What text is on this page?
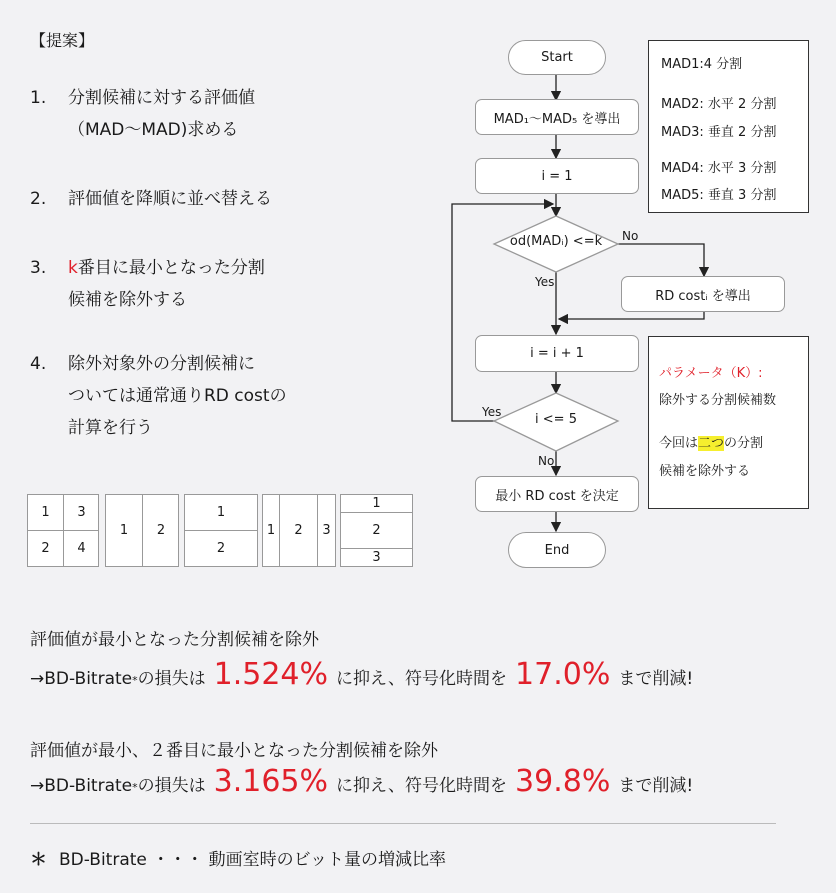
【提案】
1. 分割候補に対する評価値
（MAD〜MAD)求める
2. 評価値を降順に並べ替える
3. k番目に最小となった分割
候補を除外する
4. 除外対象外の分割候補に
ついては通常通りRD costの
計算を行う
1	3
2	4
1	2
1
2
1	2	3
1
2
3
Start
MAD₁〜MAD₅ を導出
i = 1
od(MADᵢ) <=k	No
Yes
RD costᵢ を導出
i = i + 1
i <= 5
Yes
No
最小 RD cost を決定
End
MAD1:4 分割
MAD2: 水平 2 分割
MAD3: 垂直 2 分割
MAD4: 水平 3 分割
MAD5: 垂直 3 分割
パラメータ（K）:
除外する分割候補数
今回は二つの分割
候補を除外する
評価値が最小となった分割候補を除外
→BD-Bitrate * の損失は 1.524% に抑え、符号化時間を 17.0% まで削減!
評価値が最小、２番目に最小となった分割候補を除外
→BD-Bitrate * の損失は 3.165% に抑え、符号化時間を 39.8% まで削減!
＊ BD-Bitrate ・・・ 動画室時のビット量の増減比率
